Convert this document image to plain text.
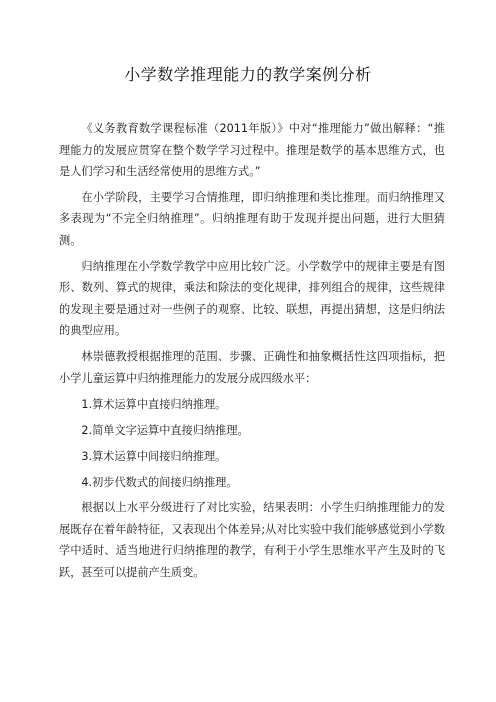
小学数学推理能力的教学案例分析

《义务教育数学课程标准（2011年版）》中对“推理能力”做出解释：“推理能力的发展应贯穿在整个数学学习过程中。推理是数学的基本思维方式，也是人们学习和生活经常使用的思维方式。”

在小学阶段，主要学习合情推理，即归纳推理和类比推理。而归纳推理又多表现为“不完全归纳推理”。归纳推理有助于发现并提出问题，进行大胆猜测。

归纳推理在小学数学教学中应用比较广泛。小学数学中的规律主要是有图形、数列、算式的规律，乘法和除法的变化规律，排列组合的规律，这些规律的发现主要是通过对一些例子的观察、比较、联想，再提出猜想，这是归纳法的典型应用。

林崇德教授根据推理的范围、步骤、正确性和抽象概括性这四项指标，把小学儿童运算中归纳推理能力的发展分成四级水平：

1.算术运算中直接归纳推理。

2.简单文字运算中直接归纳推理。

3.算术运算中间接归纳推理。

4.初步代数式的间接归纳推理。

根据以上水平分级进行了对比实验，结果表明：小学生归纳推理能力的发展既存在着年龄特征，又表现出个体差异;从对比实验中我们能够感觉到小学数学中适时、适当地进行归纳推理的教学，有利于小学生思维水平产生及时的飞跃，甚至可以提前产生质变。
